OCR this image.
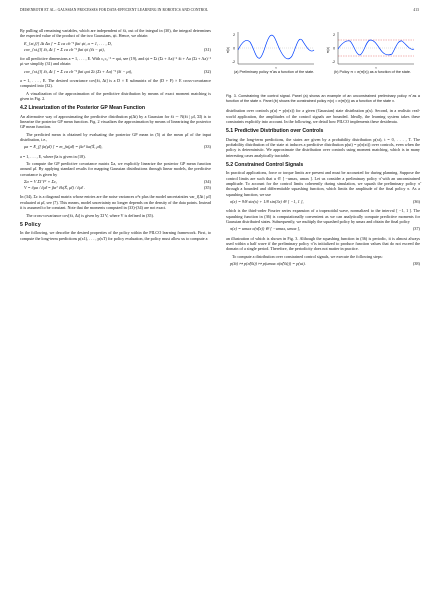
DEISENROTH ET AL.: GAUSSIAN PROCESSES FOR DATA-EFFICIENT LEARNING IN ROBOTICS AND CONTROL	413

By pulling all remaining variables, which are independent of x̃t, out of the integral in (30), the integral determines the expected value of the product of the two Gaussians, ψi. Hence, we obtain

E_{xt,f}[ Δt Δa ] = Σ ca cb⁻¹ βai ψi, a = 1, . . . , D,
cov_{xt,f}[ x̃t, Δt ] = Σ ca cb⁻¹ βai ψi (x̃t − μt),	(31)

for all predictive dimensions a = 1, . . . , E. With c₁c₂⁻¹ = qai, see (19), and ψi = Σt (Σt + Λa)⁻¹ x̃i + Λa (Σt + Λa)⁻¹ μt we simplify (31) and obtain

cov_{xt,f}[ x̃t, Δt ] = Σ ca cb⁻¹ βai qai Σt (Σt + Λa)⁻¹ (x̃i − μt),	(32)

a = 1, . . . , E. The desired covariance cov[x̃t, Δt] is a D × E submatrix of the (D + F) × E cross-covariance computed into (32).

A visualization of the approximation of the predictive distribution by means of exact moment matching is given in Fig. 2.

4.2 Linearization of the Posterior GP Mean Function

An alternative way of approximating the predictive distribution p(Δt) by a Gaussian for x̃t ∼ N(x̃t | μ̃t, Σ̃t) is to linearize the posterior GP mean function. Fig. 2 visualizes the approximation by means of linearizing the posterior GP mean function.

The predicted mean is obtained by evaluating the posterior GP mean in (5) at the mean μ̃t of the input distribution, i.e.,

μa = E_f[ fa(μ̃t) ] = m_fa(μ̃t) = βaᵀ ka(X̃, μ̃t),	(33)

a = 1, . . . , E, where βa is given in (18).

To compute the GP predictive covariance matrix Σa, we explicitly linearize the posterior GP mean function around μ̃t. By applying standard results for mapping Gaussian distributions through linear models, the predictive covariance is given by

Σa = V Σ̃t Vᵀ + Σε,	(34)
V = ∂μa / ∂μ̃t = βaᵀ ∂k(X̃, μ̃t) / ∂μ̃t .	(35)

In (34), Σε is a diagonal matrix whose entries are the noise variances σ²ε plus the model uncertainties var_f[Δt | μ̃t] evaluated at μ̃t, see (7). This means, model uncertainty no longer depends on the density of the data points. Instead it is assumed to be constant. Note that the moments computed in (33)-(34) are not exact.

The cross-covariance cov[x̃t, Δt] is given by Σ̃t V, where V is defined in (35).

5 Policy

In the following, we describe the desired properties of the policy within the PILCO learning framework. First, to compute the long-term predictions p(x1), . . . , p(xT) for policy evaluation, the policy must allow us to compute a

2
0
-2
π̃(x)
x
(a) Preliminary policy π̃ as a function of the state.
2
0
-2
π(x)
x
(b) Policy π = σ(π̃(x)) as a function of the state.
Fig. 3. Constraining the control signal. Panel (a) shows an example of an unconstrained preliminary policy π̃ as a function of the state x. Panel (b) shows the constrained policy π(x) = σ(π̃(x)) as a function of the state x.

distribution over controls p(u) = p(π(x)) for a given (Gaussian) state distribution p(x). Second, in a realistic real-world application, the amplitudes of the control signals are bounded. Ideally, the learning system takes these constraints explicitly into account. In the following, we detail how PILCO implements these desiderata.

5.1 Predictive Distribution over Controls

During the long-term predictions, the states are given by a probability distribution p(xt), t = 0, . . . , T. The probability distribution of the state xt induces a predictive distribution p(ut) = p(π(xt)) over controls, even when the policy is deterministic. We approximate the distribution over controls using moment matching, which is in many interesting cases analytically tractable.

5.2 Constrained Control Signals

In practical applications, force or torque limits are present and must be accounted for during planning. Suppose the control limits are such that u ∈ [ −umax, umax ]. Let us consider a preliminary policy π̃ with an unconstrained amplitude. To account for the control limits coherently during simulation, we squash the preliminary policy π̃ through a bounded and differentiable squashing function, which limits the amplitude of the final policy π. As a squashing function, we use

σ(x) = 9/8 sin(x) + 1/8 sin(3x) ∈ [ −1, 1 ],	(36)

which is the third-order Fourier series expansion of a trapezoidal wave, normalized to the interval [ −1, 1 ]. The squashing function in (36) is computationally convenient as we can analytically compute predictive moments for Gaussian distributed states. Subsequently, we multiply the squashed policy by umax and obtain the final policy

π(x) = umax σ(π̃(x)) ∈ [ −umax, umax ],	(37)

an illustration of which is shown in Fig. 3. Although the squashing function in (36) is periodic, it is almost always used within a half wave if the preliminary policy π̃ is initialized to produce function values that do not exceed the domain of a single period. Therefore, the periodicity does not matter in practice.

To compute a distribution over constrained control signals, we execute the following steps:

p(x̃t) ↦ p(π̃(x̃t)) ↦ p(umax σ(π̃(x̃t))) = p(ut).	(38)
